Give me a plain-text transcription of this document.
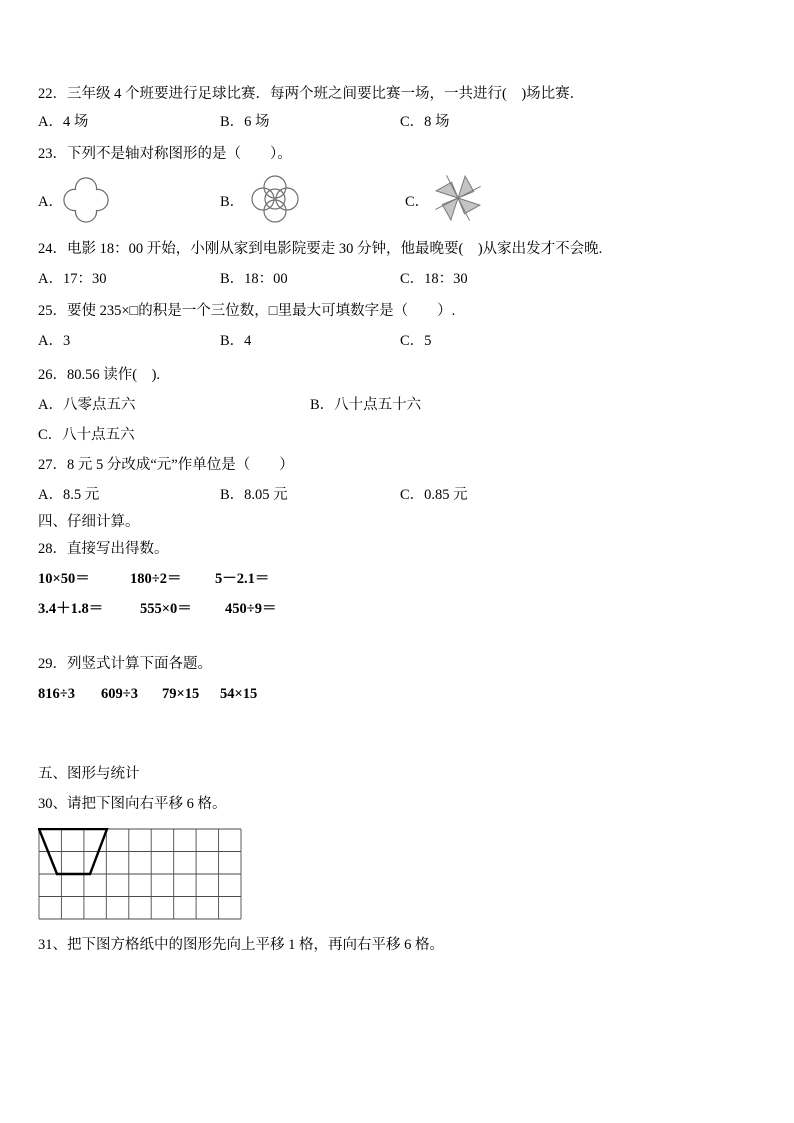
22．三年级 4 个班要进行足球比赛．每两个班之间要比赛一场，一共进行(　)场比赛．
A．4 场	B．6 场	C．8 场
23．下列不是轴对称图形的是（　　）。
A．	B．	C．
24．电影 18：00 开始，小刚从家到电影院要走 30 分钟，他最晚要(　)从家出发才不会晚.
A．17：30	B．18：00	C．18：30
25．要使 235×□的积是一个三位数，□里最大可填数字是（　　）.
A．3	B．4	C．5
26．80.56 读作(　).
A．八零点五六	B．八十点五十六
C．八十点五六
27．8 元 5 分改成“元”作单位是（　　）
A．8.5 元	B．8.05 元	C．0.85 元
四、仔细计算。
28．直接写出得数。
10×50＝	180÷2＝ 5－2.1＝
3.4＋1.8＝	555×0＝ 450÷9＝
29．列竖式计算下面各题。
816÷3 609÷3 79×15 54×15
五、图形与统计
30、请把下图向右平移 6 格。
31、把下图方格纸中的图形先向上平移 1 格，再向右平移 6 格。
